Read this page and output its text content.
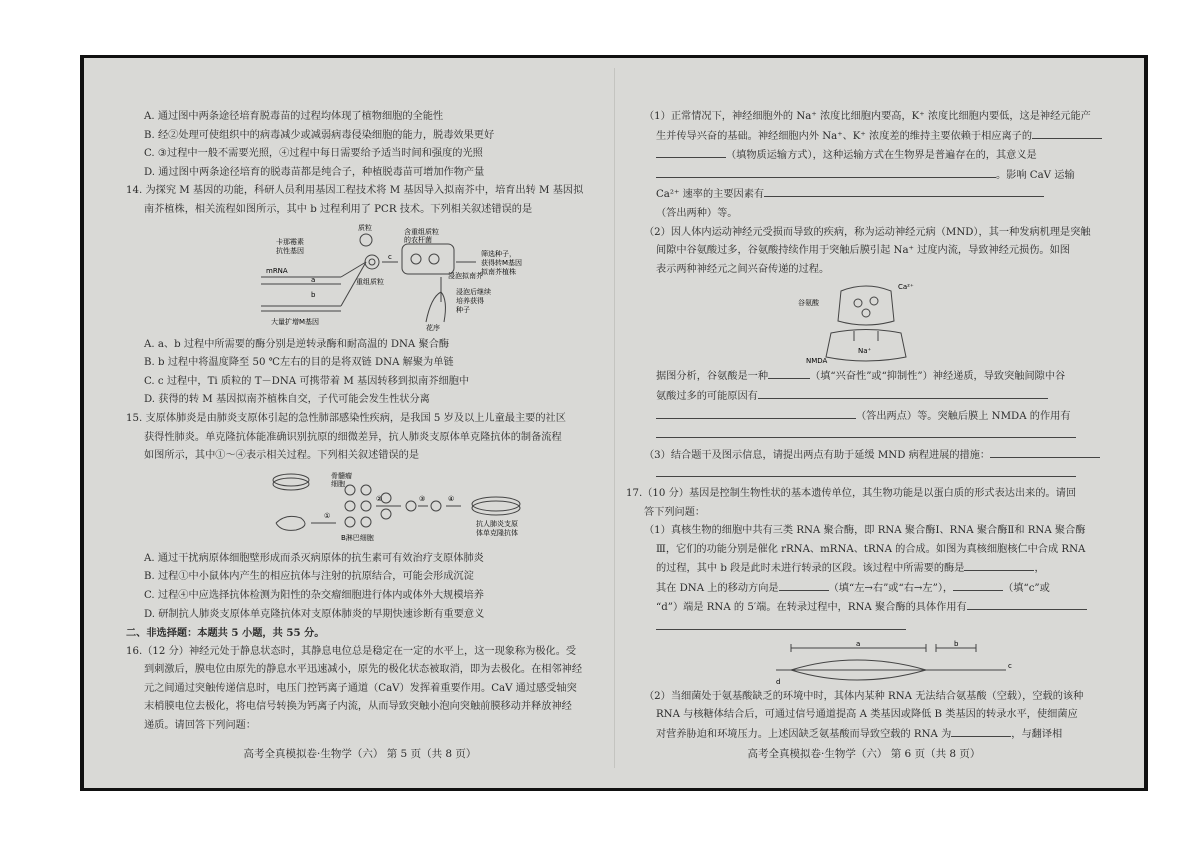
A. 通过图中两条途径培育脱毒苗的过程均体现了植物细胞的全能性
B. 经②处理可使组织中的病毒减少或减弱病毒侵染细胞的能力，脱毒效果更好
C. ③过程中一般不需要光照，④过程中每日需要给予适当时间和强度的光照
D. 通过图中两条途径培育的脱毒苗都是纯合子，种植脱毒苗可增加作物产量
14. 为探究 M 基因的功能，科研人员利用基因工程技术将 M 基因导入拟南芥中，培育出转 M 基因拟
南芥植株，相关流程如图所示，其中 b 过程利用了 PCR 技术。下列相关叙述错误的是
卡那霉素
抗性基因
质粒	含重组质粒
的农杆菌
mRNA
a
b
重组质粒
大量扩增M基因
c
浸泡拟南芥
花序
筛选种子，
获得转M基因
拟南芥植株
浸泡后继续
培养获得
种子
A. a、b 过程中所需要的酶分别是逆转录酶和耐高温的 DNA 聚合酶
B. b 过程中将温度降至 50 ℃左右的目的是将双链 DNA 解聚为单链
C. c 过程中，Ti 质粒的 T－DNA 可携带着 M 基因转移到拟南芥细胞中
D. 获得的转 M 基因拟南芥植株自交，子代可能会发生性状分离
15. 支原体肺炎是由肺炎支原体引起的急性肺部感染性疾病，是我国 5 岁及以上儿童最主要的社区
获得性肺炎。单克隆抗体能准确识别抗原的细微差异，抗人肺炎支原体单克隆抗体的制备流程
如图所示，其中①～④表示相关过程。下列相关叙述错误的是
①
②	③	④
骨髓瘤
细胞
B淋巴细胞
抗人肺炎支原
体单克隆抗体
A. 通过干扰病原体细胞壁形成而杀灭病原体的抗生素可有效治疗支原体肺炎
B. 过程①中小鼠体内产生的相应抗体与注射的抗原结合，可能会形成沉淀
C. 过程④中应选择抗体检测为阳性的杂交瘤细胞进行体内或体外大规模培养
D. 研制抗人肺炎支原体单克隆抗体对支原体肺炎的早期快速诊断有重要意义
二、非选择题：本题共 5 小题，共 55 分。
16.（12 分）神经元处于静息状态时，其静息电位总是稳定在一定的水平上，这一现象称为极化。受
到刺激后，膜电位由原先的静息水平迅速减小，原先的极化状态被取消，即为去极化。在相邻神经
元之间通过突触传递信息时，电压门控钙离子通道（CaV）发挥着重要作用。CaV 通过感受轴突
末梢膜电位去极化，将电信号转换为钙离子内流，从而导致突触小泡向突触前膜移动并释放神经
递质。请回答下列问题：
高考全真模拟卷·生物学（六） 第 5 页（共 8 页）
（1）正常情况下，神经细胞外的 Na⁺ 浓度比细胞内要高，K⁺ 浓度比细胞内要低，这是神经元能产
生并传导兴奋的基础。神经细胞内外 Na⁺、K⁺ 浓度差的维持主要依赖于相应离子的
（填物质运输方式），这种运输方式在生物界是普遍存在的，其意义是
。影响 CaV 运输
Ca²⁺ 速率的主要因素有
（答出两种）等。
（2）因人体内运动神经元受损而导致的疾病，称为运动神经元病（MND），其一种发病机理是突触
间隙中谷氨酸过多，谷氨酸持续作用于突触后膜引起 Na⁺ 过度内流，导致神经元损伤。如图
表示两种神经元之间兴奋传递的过程。
谷氨酸
Ca²⁺
NMDA
Na⁺
据图分析，谷氨酸是一种	（填“兴奋性”或“抑制性”）神经递质，导致突触间隙中谷
氨酸过多的可能原因有
（答出两点）等。突触后膜上 NMDA 的作用有
（3）结合题干及图示信息，请提出两点有助于延缓 MND 病程进展的措施：
17.（10 分）基因是控制生物性状的基本遗传单位，其生物功能是以蛋白质的形式表达出来的。请回
答下列问题：
（1）真核生物的细胞中共有三类 RNA 聚合酶，即 RNA 聚合酶Ⅰ、RNA 聚合酶Ⅱ和 RNA 聚合酶
Ⅲ，它们的功能分别是催化 rRNA、mRNA、tRNA 的合成。如图为真核细胞核仁中合成 RNA
的过程，其中 b 段是此时未进行转录的区段。该过程中所需要的酶是	，
其在 DNA 上的移动方向是	（填“左→右”或“右→左”），	（填“c”或
“d”）端是 RNA 的 5′端。在转录过程中，RNA 聚合酶的具体作用有
a	b
c
d
（2）当细菌处于氨基酸缺乏的环境中时，其体内某种 RNA 无法结合氨基酸（空载），空载的该种
RNA 与核糖体结合后，可通过信号通道提高 A 类基因或降低 B 类基因的转录水平，使细菌应
对营养胁迫和环境压力。上述因缺乏氨基酸而导致空载的 RNA 为	，与翻译相
高考全真模拟卷·生物学（六） 第 6 页（共 8 页）
